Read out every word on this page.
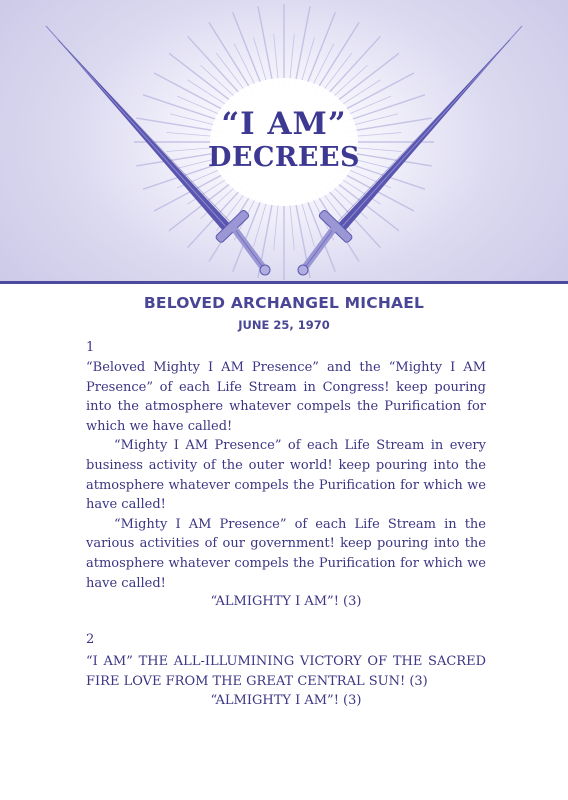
“I AM”
DECREES
BELOVED ARCHANGEL MICHAEL
JUNE 25, 1970
1
“Beloved Mighty I AM Presence” and the “Mighty I AM Presence” of each Life Stream in Congress! keep pouring into the atmosphere whatever compels the Purification for which we have called!
“Mighty I AM Presence” of each Life Stream in every business activity of the outer world! keep pouring into the atmosphere whatever compels the Purification for which we have called!
“Mighty I AM Presence” of each Life Stream in the various activities of our government! keep pouring into the atmosphere whatever compels the Purification for which we have called!
“ALMIGHTY I AM”! (3)
2
“I AM” THE ALL-ILLUMINING VICTORY OF THE SACRED FIRE LOVE FROM THE GREAT CENTRAL SUN! (3)
“ALMIGHTY I AM”! (3)
